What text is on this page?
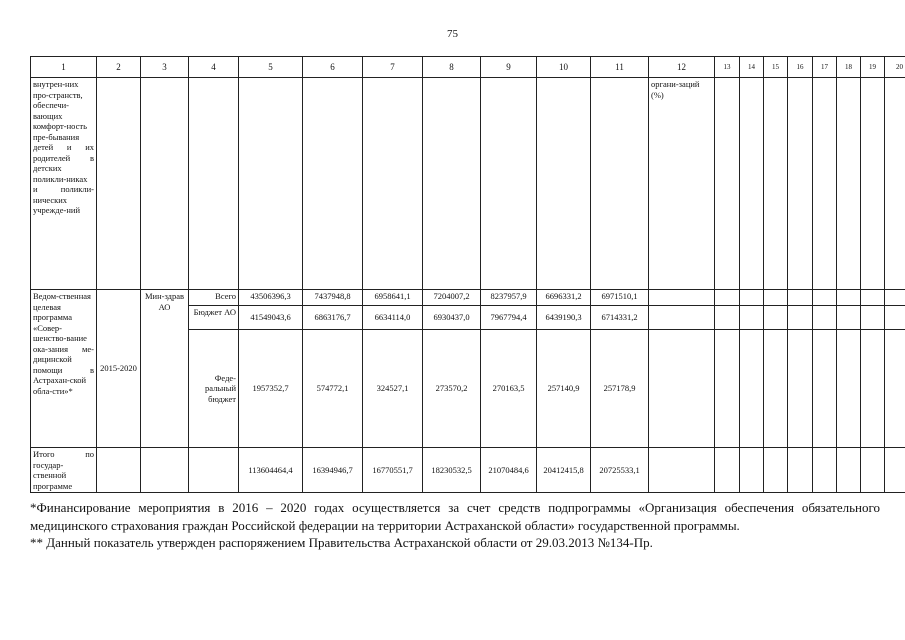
75
1	2	3	4	5	6	7	8	9	10	11	12	13	14	15	16	17	18	19	20	
внутрен-них про-странств, обеспечи-вающих комфорт-ность пре-бывания детей и их родителей в детских поликли-никах и поликли-нических учрежде-ний											органи-заций (%)									
Ведом-ственная целевая программа «Совер-шенство-вание ока-зания ме-дицинской помощи в Астрахан-ской обла-сти»*	2015-2020	Мин-здрав АО	Всего	43506396,3	7437948,8	6958641,1	7204007,2	8237957,9	6696331,2	6971510,1										
			Бюджет АО	41549043,6	6863176,7	6634114,0	6930437,0	7967794,4	6439190,3	6714331,2										
			Феде-ральный бюджет	1957352,7	574772,1	324527,1	273570,2	270163,5	257140,9	257178,9										
Итого по государ-ственной программе				113604464,4	16394946,7	16770551,7	18230532,5	21070484,6	20412415,8	20725533,1										

*Финансирование мероприятия в 2016 – 2020 годах осуществляется за счет средств подпрограммы «Организация обеспечения обязательного медицинского страхования граждан Российской федерации на территории Астраханской области» государственной программы.

** Данный показатель утвержден распоряжением Правительства Астраханской области от 29.03.2013 №134-Пр.
